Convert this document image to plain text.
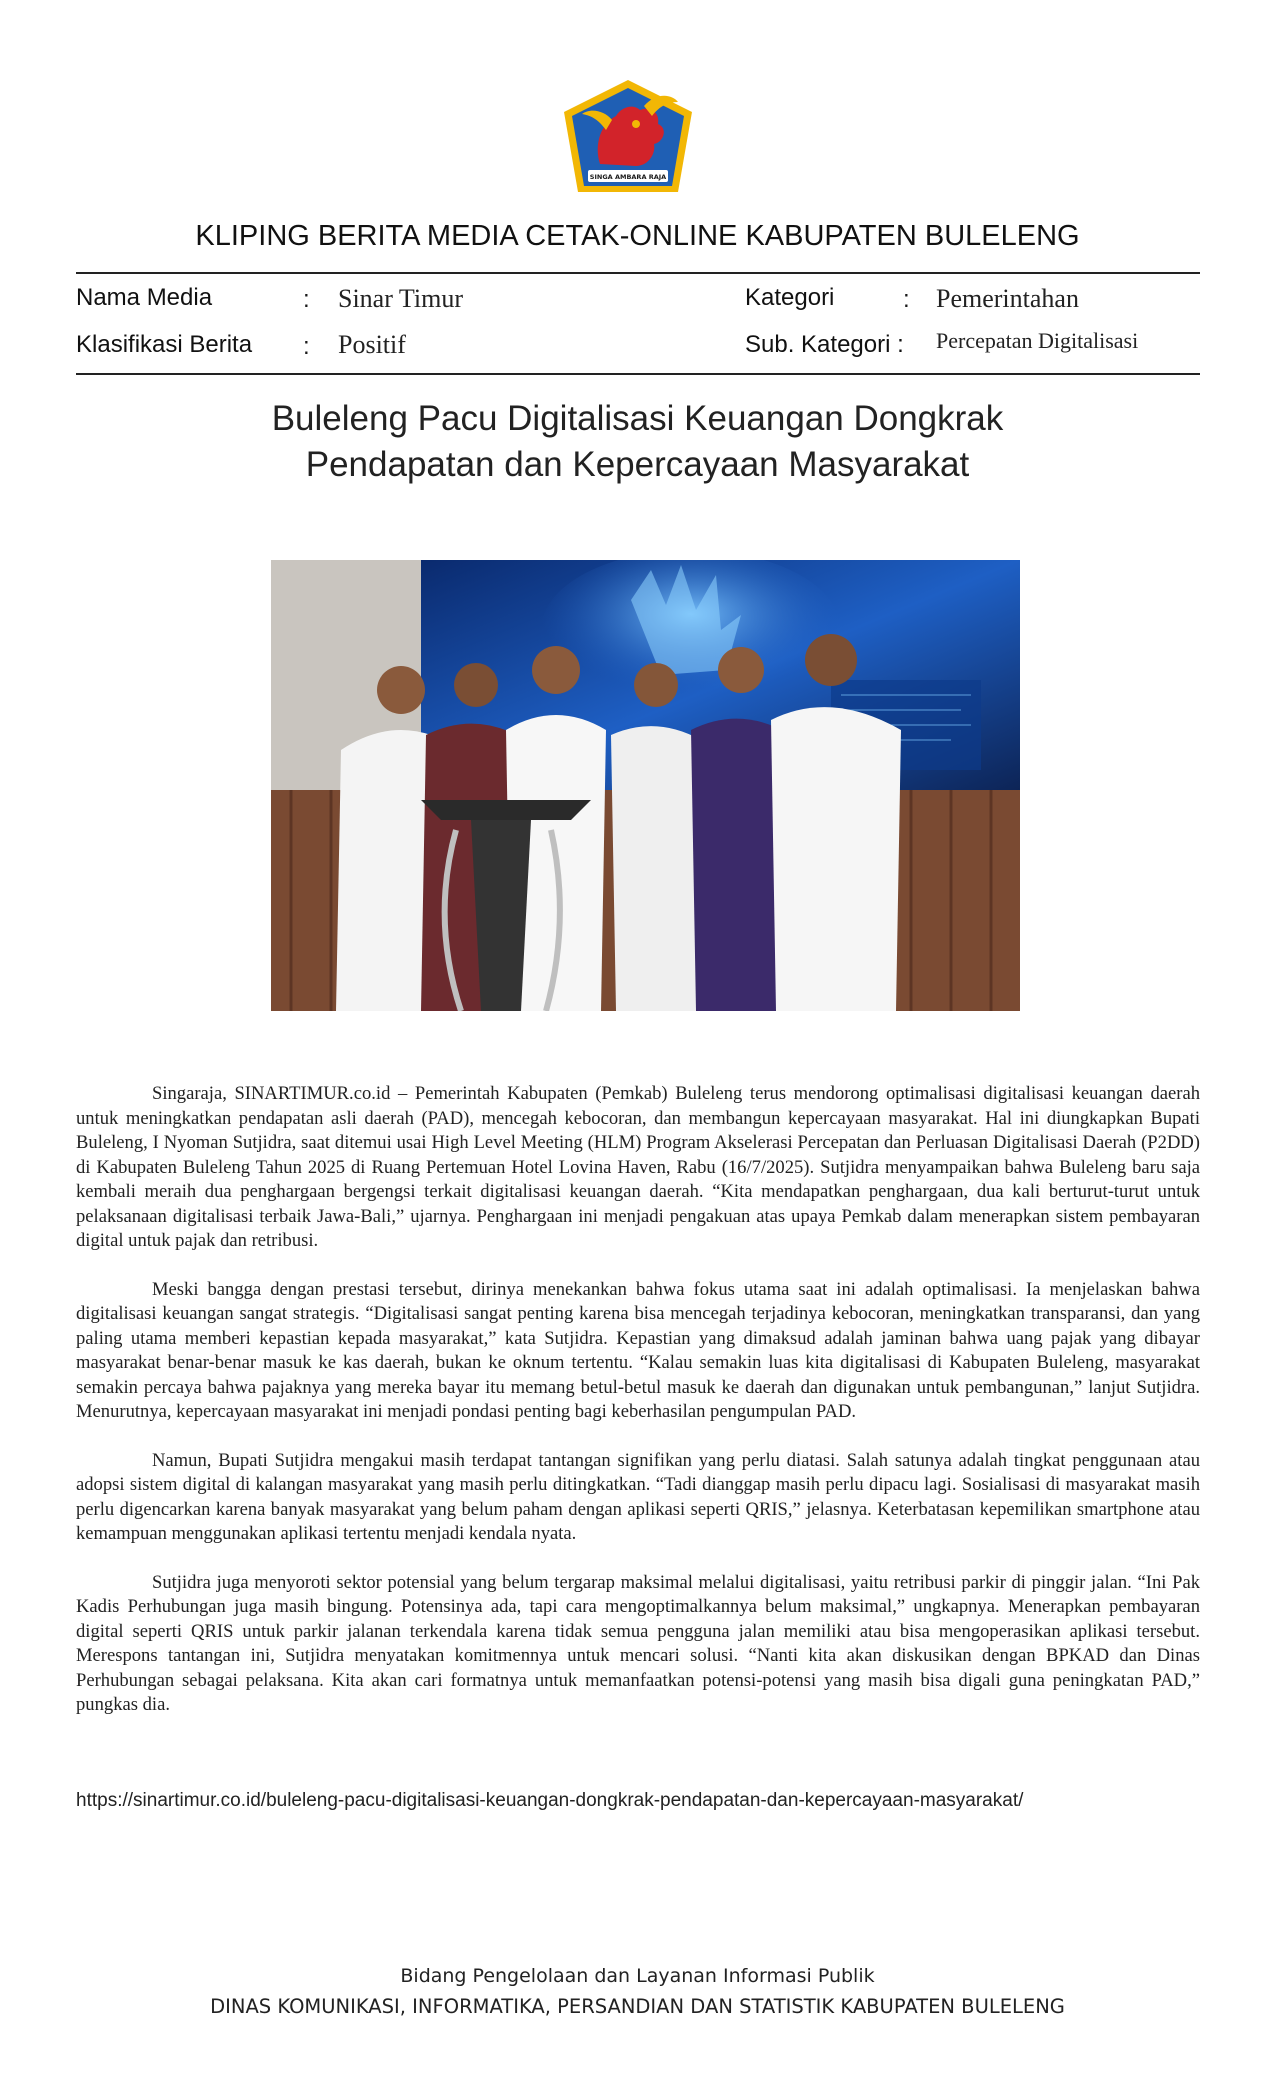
SINGA AMBARA RAJA
KLIPING BERITA MEDIA CETAK-ONLINE KABUPATEN BULELENG
Nama Media	: Sinar Timur	Kategori	: Pemerintahan
Klasifikasi Berita : Positif	Sub. Kategori : Percepatan Digitalisasi
Buleleng Pacu Digitalisasi Keuangan Dongkrak
Pendapatan dan Kepercayaan Masyarakat

Singaraja, SINARTIMUR.co.id – Pemerintah Kabupaten (Pemkab) Buleleng terus mendorong optimalisasi digitalisasi keuangan daerah untuk meningkatkan pendapatan asli daerah (PAD), mencegah kebocoran, dan membangun kepercayaan masyarakat. Hal ini diungkapkan Bupati Buleleng, I Nyoman Sutjidra, saat ditemui usai High Level Meeting (HLM) Program Akselerasi Percepatan dan Perluasan Digitalisasi Daerah (P2DD) di Kabupaten Buleleng Tahun 2025 di Ruang Pertemuan Hotel Lovina Haven, Rabu (16/7/2025). Sutjidra menyampaikan bahwa Buleleng baru saja kembali meraih dua penghargaan bergengsi terkait digitalisasi keuangan daerah. “Kita mendapatkan penghargaan, dua kali berturut-turut untuk pelaksanaan digitalisasi terbaik Jawa-Bali,” ujarnya. Penghargaan ini menjadi pengakuan atas upaya Pemkab dalam menerapkan sistem pembayaran digital untuk pajak dan retribusi.

Meski bangga dengan prestasi tersebut, dirinya menekankan bahwa fokus utama saat ini adalah optimalisasi. Ia menjelaskan bahwa digitalisasi keuangan sangat strategis. “Digitalisasi sangat penting karena bisa mencegah terjadinya kebocoran, meningkatkan transparansi, dan yang paling utama memberi kepastian kepada masyarakat,” kata Sutjidra. Kepastian yang dimaksud adalah jaminan bahwa uang pajak yang dibayar masyarakat benar-benar masuk ke kas daerah, bukan ke oknum tertentu. “Kalau semakin luas kita digitalisasi di Kabupaten Buleleng, masyarakat semakin percaya bahwa pajaknya yang mereka bayar itu memang betul-betul masuk ke daerah dan digunakan untuk pembangunan,” lanjut Sutjidra. Menurutnya, kepercayaan masyarakat ini menjadi pondasi penting bagi keberhasilan pengumpulan PAD.

Namun, Bupati Sutjidra mengakui masih terdapat tantangan signifikan yang perlu diatasi. Salah satunya adalah tingkat penggunaan atau adopsi sistem digital di kalangan masyarakat yang masih perlu ditingkatkan. “Tadi dianggap masih perlu dipacu lagi. Sosialisasi di masyarakat masih perlu digencarkan karena banyak masyarakat yang belum paham dengan aplikasi seperti QRIS,” jelasnya. Keterbatasan kepemilikan smartphone atau kemampuan menggunakan aplikasi tertentu menjadi kendala nyata.

Sutjidra juga menyoroti sektor potensial yang belum tergarap maksimal melalui digitalisasi, yaitu retribusi parkir di pinggir jalan. “Ini Pak Kadis Perhubungan juga masih bingung. Potensinya ada, tapi cara mengoptimalkannya belum maksimal,” ungkapnya. Menerapkan pembayaran digital seperti QRIS untuk parkir jalanan terkendala karena tidak semua pengguna jalan memiliki atau bisa mengoperasikan aplikasi tersebut. Merespons tantangan ini, Sutjidra menyatakan komitmennya untuk mencari solusi. “Nanti kita akan diskusikan dengan BPKAD dan Dinas Perhubungan sebagai pelaksana. Kita akan cari formatnya untuk memanfaatkan potensi-potensi yang masih bisa digali guna peningkatan PAD,” pungkas dia.

https://sinartimur.co.id/buleleng-pacu-digitalisasi-keuangan-dongkrak-pendapatan-dan-kepercayaan-masyarakat/
Bidang Pengelolaan dan Layanan Informasi Publik
DINAS KOMUNIKASI, INFORMATIKA, PERSANDIAN DAN STATISTIK KABUPATEN BULELENG
